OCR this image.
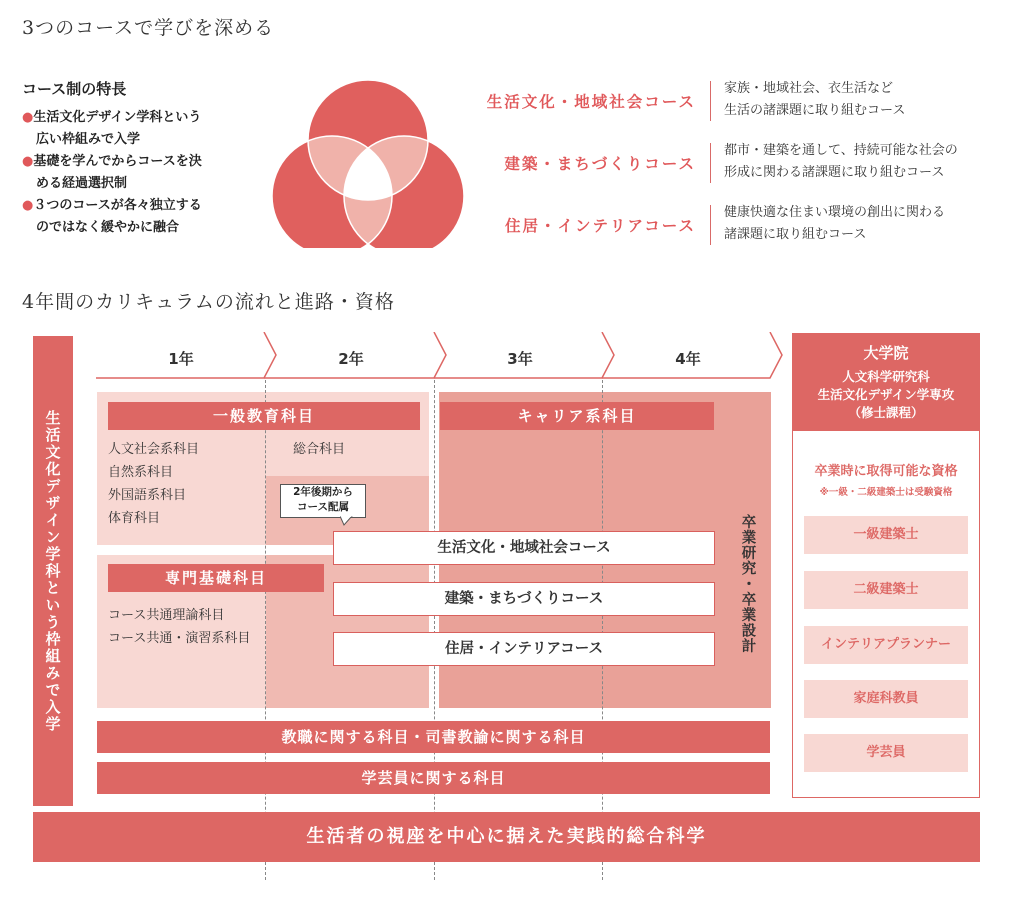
3つのコースで学びを深める
コース制の特長
●生活文化デザイン学科という
広い枠組みで入学
●基礎を学んでからコースを決
める経過選択制
●３つのコースが各々独立する
のではなく緩やかに融合
生活文化・地域社会コース
家族・地域社会、衣生活など
生活の諸課題に取り組むコース
建築・まちづくりコース
都市・建築を通して、持続可能な社会の
形成に関わる諸課題に取り組むコース
住居・インテリアコース
健康快適な住まい環境の創出に関わる
諸課題に取り組むコース
4年間のカリキュラムの流れと進路・資格
生活文化デザイン学科という枠組みで入学
1年	2年	3年	4年
一般教育科目
人文社会系科目
自然系科目
外国語系科目
体育科目
総合科目
キャリア系科目
2年後期から
コース配属
専門基礎科目
コース共通理論科目
コース共通・演習系科目
生活文化・地域社会コース
建築・まちづくりコース
住居・インテリアコース	卒業研究・卒業設計
教職に関する科目・司書教諭に関する科目
学芸員に関する科目
生活者の視座を中心に据えた実践的総合科学
大学院
人文科学研究科
生活文化デザイン学専攻
（修士課程）
卒業時に取得可能な資格
※一級・二級建築士は受験資格
一級建築士
二級建築士
インテリアプランナー
家庭科教員
学芸員
